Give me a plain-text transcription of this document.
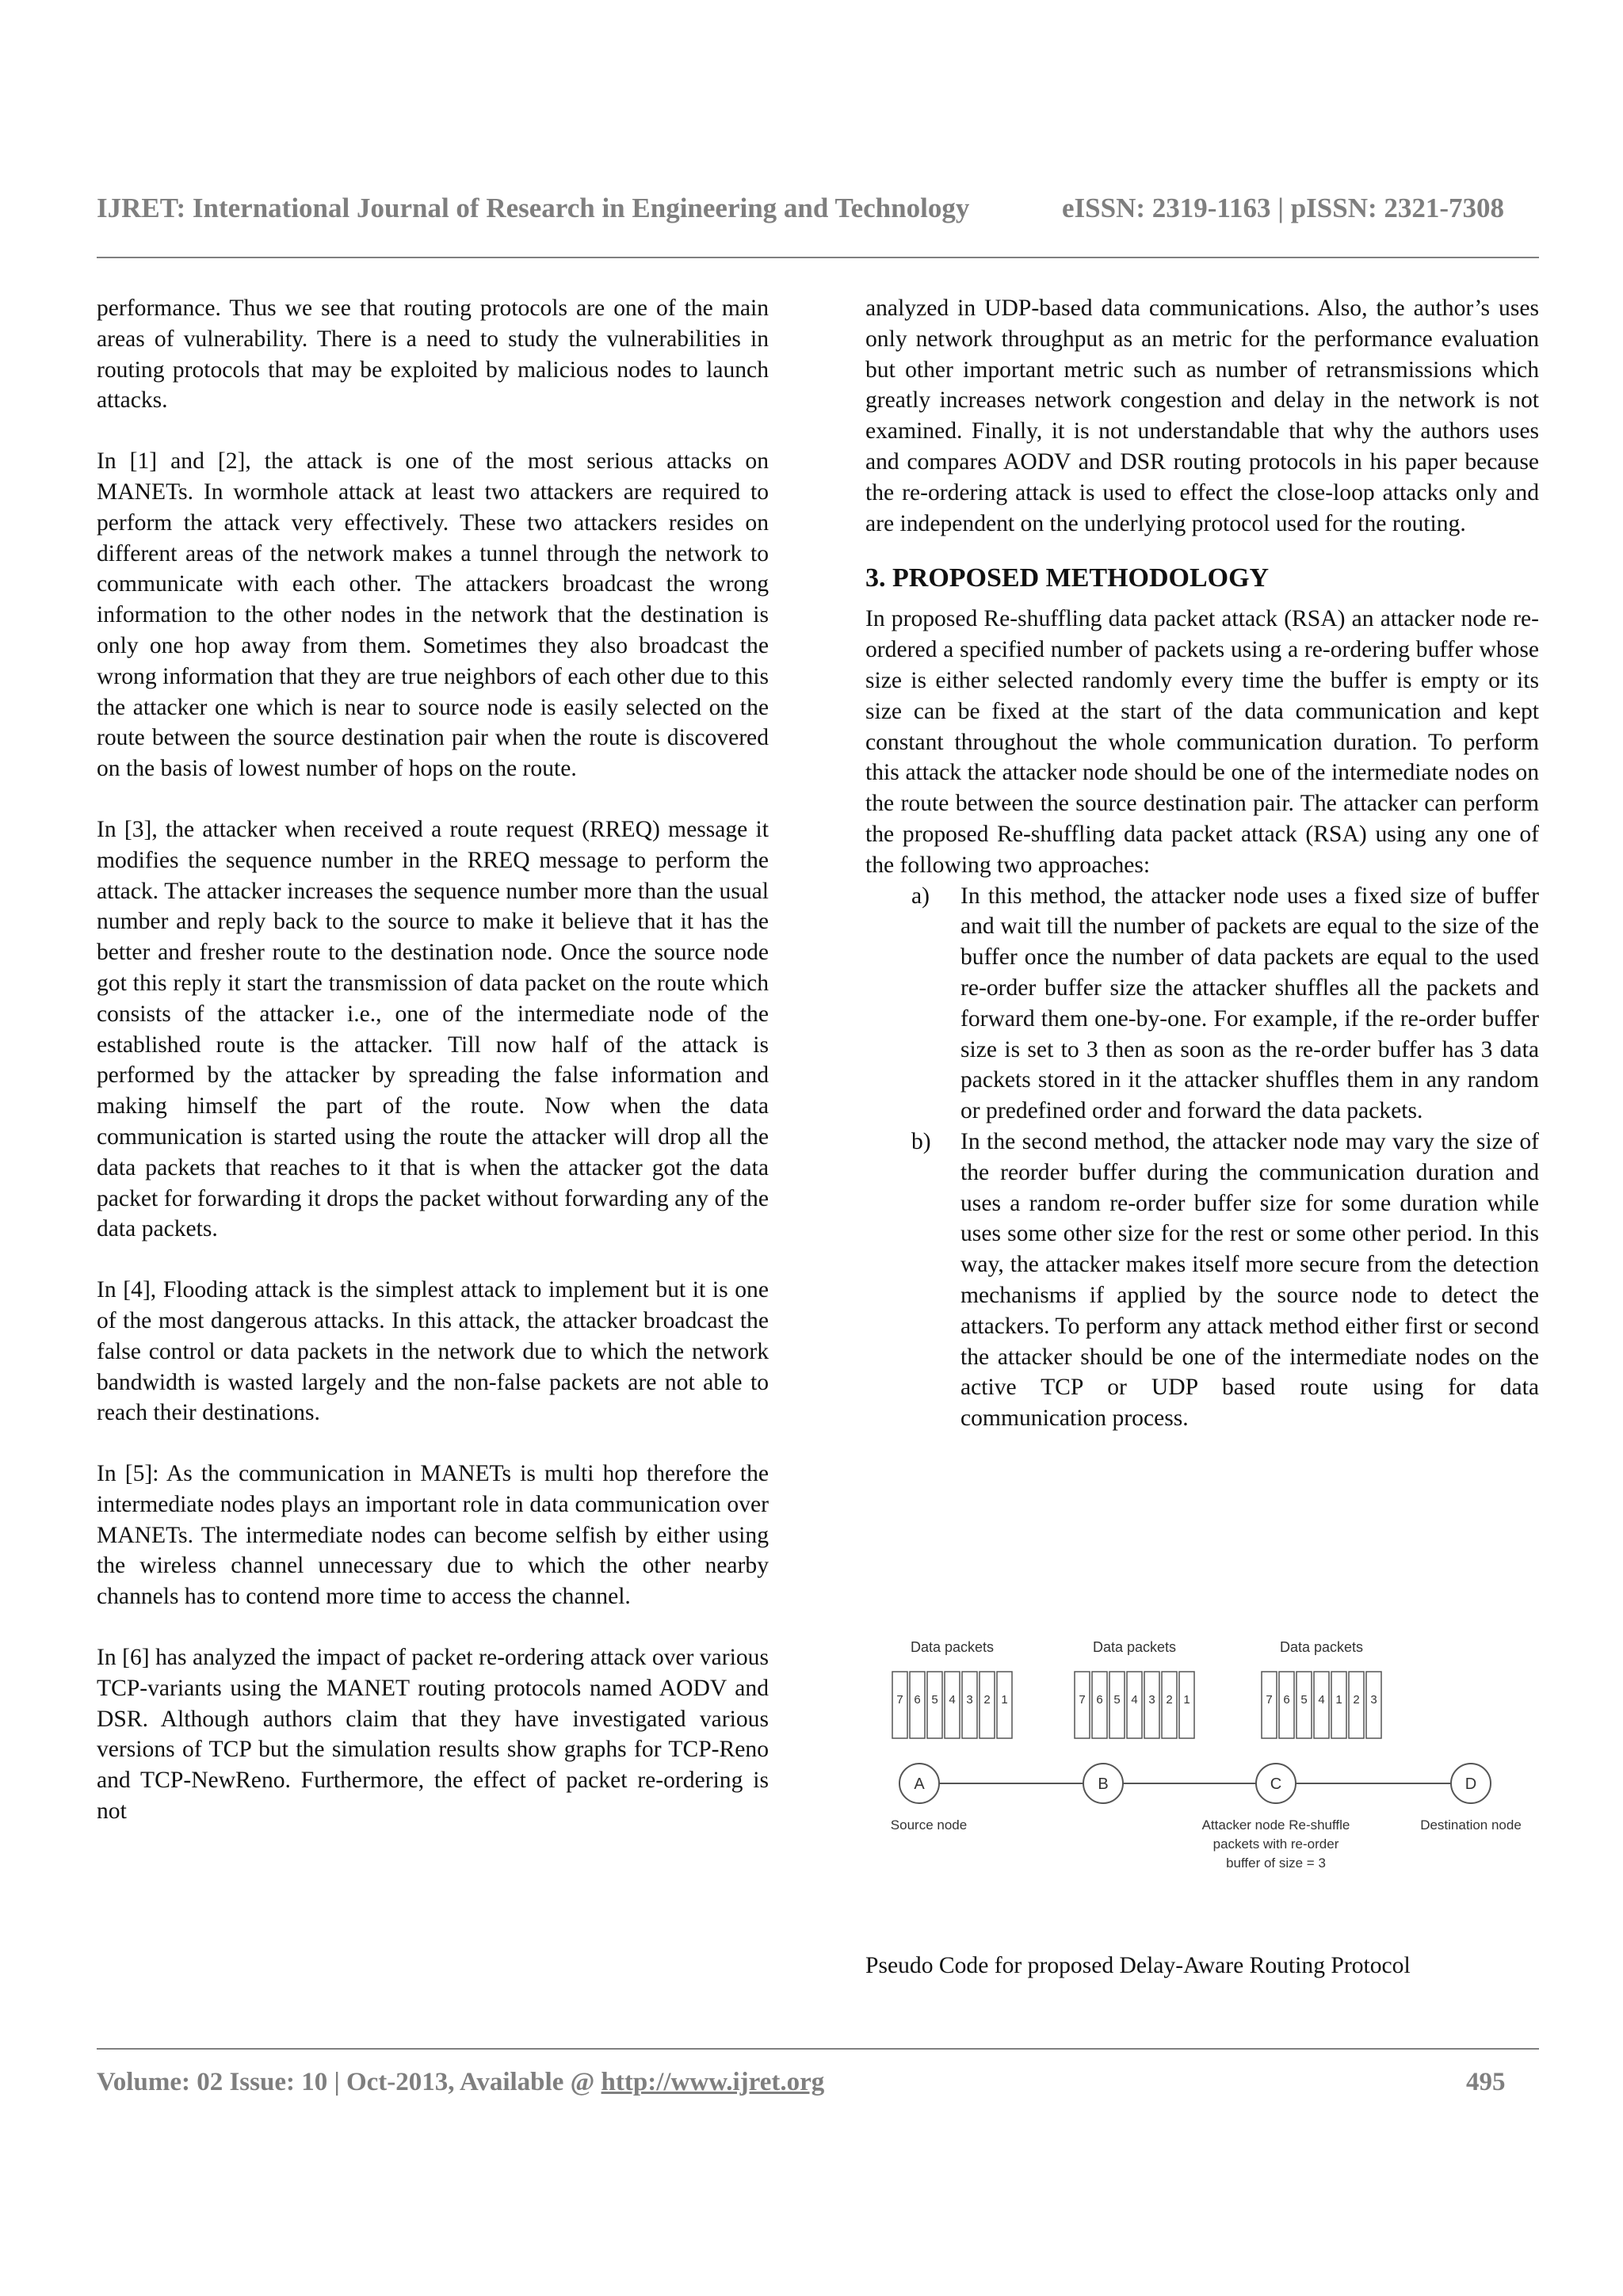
IJRET: International Journal of Research in Engineering and Technology	eISSN: 2319-1163 | pISSN: 2321-7308

performance. Thus we see that routing protocols are one of the main areas of vulnerability. There is a need to study the vulnerabilities in routing protocols that may be exploited by malicious nodes to launch attacks.

In [1] and [2], the attack is one of the most serious attacks on MANETs. In wormhole attack at least two attackers are required to perform the attack very effectively. These two attackers resides on different areas of the network makes a tunnel through the network to communicate with each other. The attackers broadcast the wrong information to the other nodes in the network that the destination is only one hop away from them. Sometimes they also broadcast the wrong information that they are true neighbors of each other due to this the attacker one which is near to source node is easily selected on the route between the source destination pair when the route is discovered on the basis of lowest number of hops on the route.

In [3], the attacker when received a route request (RREQ) message it modifies the sequence number in the RREQ message to perform the attack. The attacker increases the sequence number more than the usual number and reply back to the source to make it believe that it has the better and fresher route to the destination node. Once the source node got this reply it start the transmission of data packet on the route which consists of the attacker i.e., one of the intermediate node of the established route is the attacker. Till now half of the attack is performed by the attacker by spreading the false information and making himself the part of the route. Now when the data communication is started using the route the attacker will drop all the data packets that reaches to it that is when the attacker got the data packet for forwarding it drops the packet without forwarding any of the data packets.

In [4], Flooding attack is the simplest attack to implement but it is one of the most dangerous attacks. In this attack, the attacker broadcast the false control or data packets in the network due to which the network bandwidth is wasted largely and the non-false packets are not able to reach their destinations.

In [5]: As the communication in MANETs is multi hop therefore the intermediate nodes plays an important role in data communication over MANETs. The intermediate nodes can become selfish by either using the wireless channel unnecessary due to which the other nearby channels has to contend more time to access the channel.

In [6] has analyzed the impact of packet re-ordering attack over various TCP-variants using the MANET routing protocols named AODV and DSR. Although authors claim that they have investigated various versions of TCP but the simulation results show graphs for TCP-Reno and TCP-NewReno. Furthermore, the effect of packet re-ordering is not

analyzed in UDP-based data communications. Also, the author’s uses only network throughput as an metric for the performance evaluation but other important metric such as number of retransmissions which greatly increases network congestion and delay in the network is not examined. Finally, it is not understandable that why the authors uses and compares AODV and DSR routing protocols in his paper because the re-ordering attack is used to effect the close-loop attacks only and are independent on the underlying protocol used for the routing.

3. PROPOSED METHODOLOGY

In proposed Re-shuffling data packet attack (RSA) an attacker node re-ordered a specified number of packets using a re-ordering buffer whose size is either selected randomly every time the buffer is empty or its size can be fixed at the start of the data communication and kept constant throughout the whole communication duration. To perform this attack the attacker node should be one of the intermediate nodes on the route between the source destination pair. The attacker can perform the proposed Re-shuffling data packet attack (RSA) using any one of the following two approaches:

a) In this method, the attacker node uses a fixed size of buffer and wait till the number of packets are equal to the size of the buffer once the number of data packets are equal to the used re-order buffer size the attacker shuffles all the packets and forward them one-by-one. For example, if the re-order buffer size is set to 3 then as soon as the re-order buffer has 3 data packets stored in it the attacker shuffles them in any random or predefined order and forward the data packets.
b) In the second method, the attacker node may vary the size of the reorder buffer during the communication duration and uses a random re-order buffer size for some duration while uses some other size for the rest or some other period. In this way, the attacker makes itself more secure from the detection mechanisms if applied by the source node to detect the attackers. To perform any attack method either first or second the attacker should be one of the intermediate nodes on the active TCP or UDP based route using for data communication process.
Data packets
7 6 5 4 3 2 1
Data packets
7 6 5 4 3 2 1
Data packets
7 6 5 4 1 2 3
A	B	C	D
Source node	Attacker node Re-shuffle
packets with re-order
buffer of size = 3
Destination node
Pseudo Code for proposed Delay-Aware Routing Protocol
Volume: 02 Issue: 10 | Oct-2013, Available @ http://www.ijret.org	495
